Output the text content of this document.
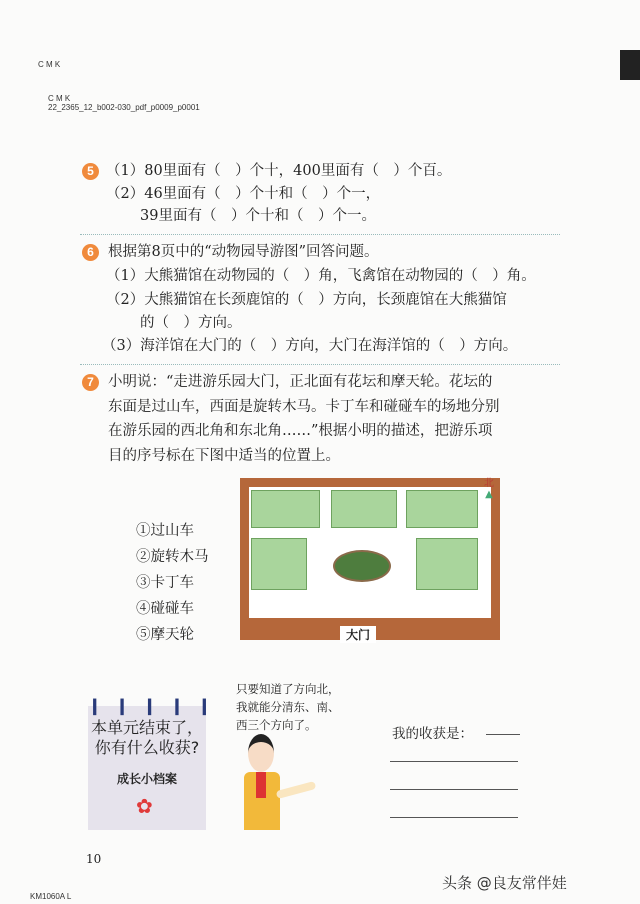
C M K
C M K
22_2365_12_b002-030_pdf_p0009_p0001
5 （1）80里面有（　）个十，400里面有（　）个百。
（2）46里面有（　）个十和（　）个一，
39里面有（　）个十和（　）个一。
6 根据第8页中的“动物园导游图”回答问题。
（1）大熊猫馆在动物园的（　）角，飞禽馆在动物园的（　）角。
（2）大熊猫馆在长颈鹿馆的（　）方向，长颈鹿馆在大熊猫馆
的（　）方向。
（3）海洋馆在大门的（　）方向，大门在海洋馆的（　）方向。
7 小明说：“走进游乐园大门，正北面有花坛和摩天轮。花坛的
东面是过山车，西面是旋转木马。卡丁车和碰碰车的场地分别
在游乐园的西北角和东北角……”根据小明的描述，把游乐项
目的序号标在下图中适当的位置上。
①过山车
②旋转木马
③卡丁车
④碰碰车
⑤摩天轮	大门
北
▲
❙❙❙❙❙
本单元结束了，
你有什么收获?
成长小档案
✿
只要知道了方向北，
我就能分清东、南、
西三个方向了。
我的收获是：
10
KM1060A L
头条 @良友常伴娃
